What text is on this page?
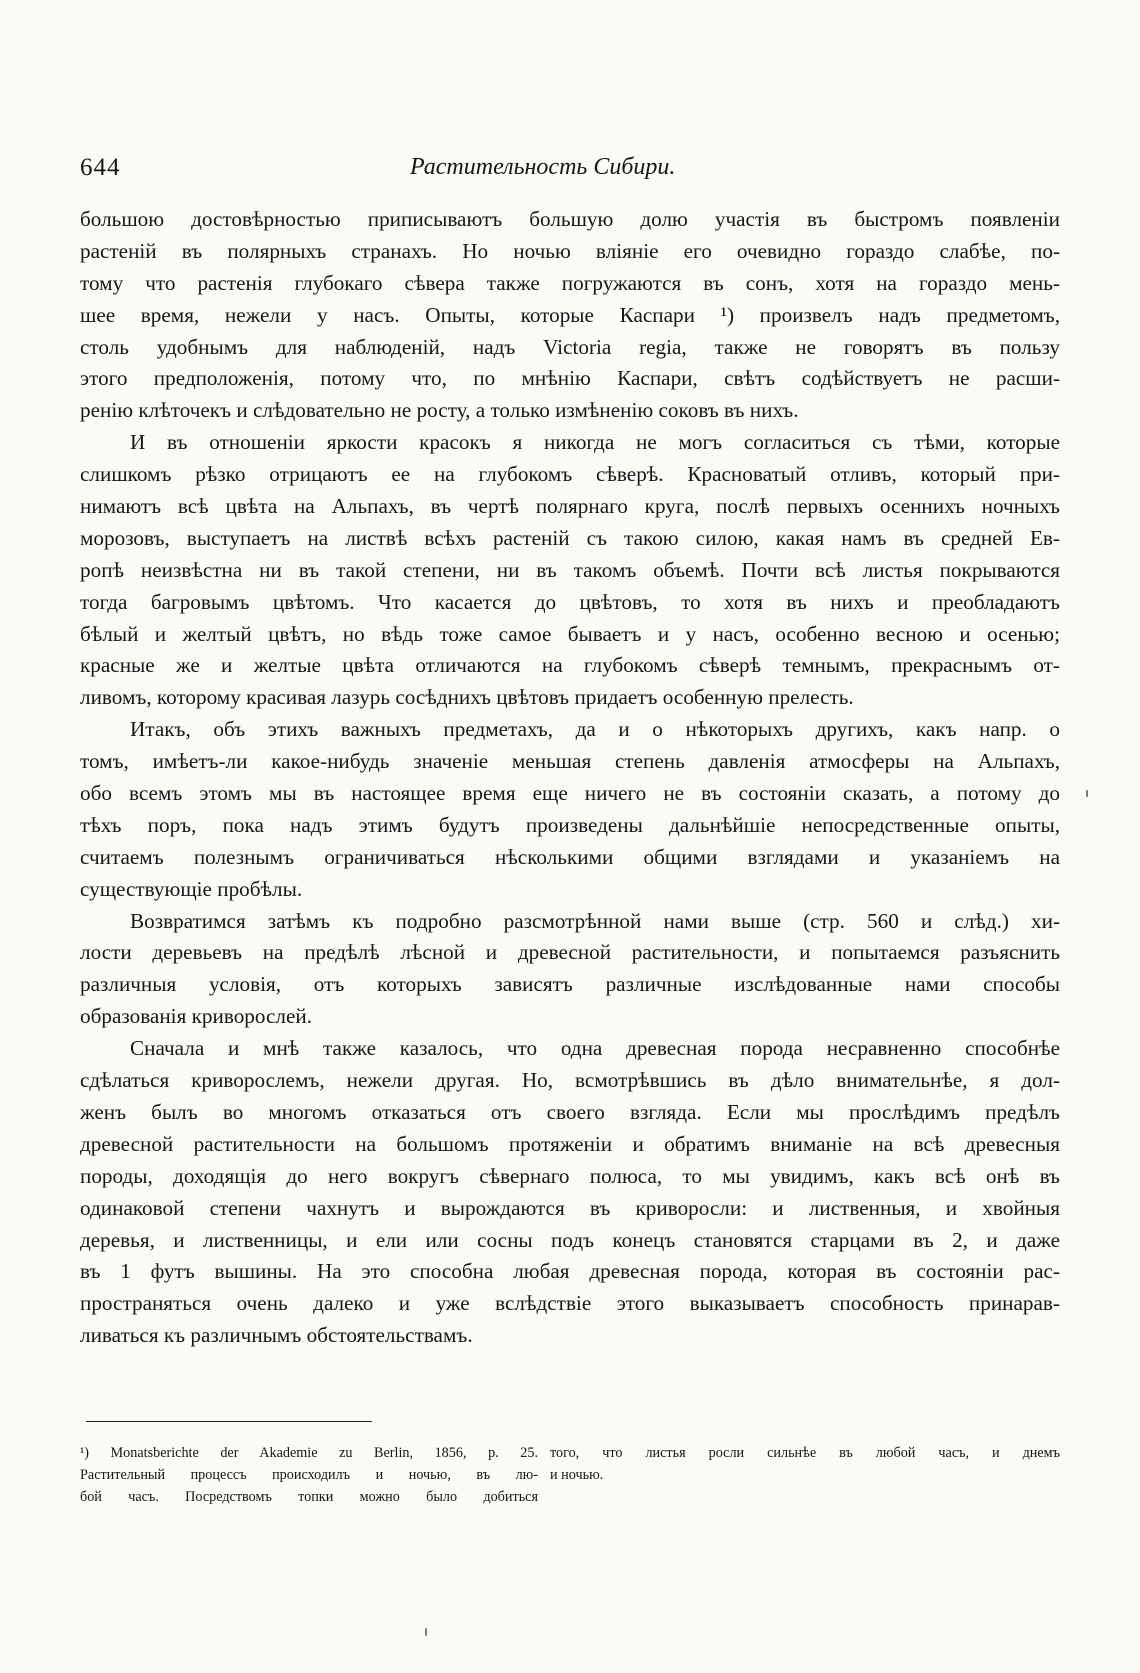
644	Растительность Сибири.
большою достовѣрностью приписываютъ большую долю участія въ быстромъ появленіи
растеній въ полярныхъ странахъ. Но ночью вліяніе его очевидно гораздо слабѣе, по-
тому что растенія глубокаго сѣвера также погружаются въ сонъ, хотя на гораздо мень-
шее время, нежели у насъ. Опыты, которые Каспари ¹) произвелъ надъ предметомъ,
столь удобнымъ для наблюденій, надъ Victoria regia, также не говорятъ въ пользу
этого предположенія, потому что, по мнѣнію Каспари, свѣтъ содѣйствуетъ не расши-
ренію клѣточекъ и слѣдовательно не росту, а только измѣненію соковъ въ нихъ.
И въ отношеніи яркости красокъ я никогда не могъ согласиться съ тѣми, которые
слишкомъ рѣзко отрицаютъ ее на глубокомъ сѣверѣ. Красноватый отливъ, который при-
нимаютъ всѣ цвѣта на Альпахъ, въ чертѣ полярнаго круга, послѣ первыхъ осеннихъ ночныхъ
морозовъ, выступаетъ на листвѣ всѣхъ растеній съ такою силою, какая намъ въ средней Ев-
ропѣ неизвѣстна ни въ такой степени, ни въ такомъ объемѣ. Почти всѣ листья покрываются
тогда багровымъ цвѣтомъ. Что касается до цвѣтовъ, то хотя въ нихъ и преобладаютъ
бѣлый и желтый цвѣтъ, но вѣдь тоже самое бываетъ и у насъ, особенно весною и осенью;
красные же и желтые цвѣта отличаются на глубокомъ сѣверѣ темнымъ, прекраснымъ от-
ливомъ, которому красивая лазурь сосѣднихъ цвѣтовъ придаетъ особенную прелесть.
Итакъ, объ этихъ важныхъ предметахъ, да и о нѣкоторыхъ другихъ, какъ напр. о
томъ, имѣетъ-ли какое-нибудь значеніе меньшая степень давленія атмосферы на Альпахъ,
обо всемъ этомъ мы въ настоящее время еще ничего не въ состояніи сказать, а потому до
тѣхъ поръ, пока надъ этимъ будутъ произведены дальнѣйшіе непосредственные опыты,
считаемъ полезнымъ ограничиваться нѣсколькими общими взглядами и указаніемъ на
существующіе пробѣлы.
Возвратимся затѣмъ къ подробно разсмотрѣнной нами выше (стр. 560 и слѣд.) хи-
лости деревьевъ на предѣлѣ лѣсной и древесной растительности, и попытаемся разъяснить
различныя условія, отъ которыхъ зависятъ различные изслѣдованные нами способы
образованія криворослей.
Сначала и мнѣ также казалось, что одна древесная порода несравненно способнѣе
сдѣлаться криворослемъ, нежели другая. Но, всмотрѣвшись въ дѣло внимательнѣе, я дол-
женъ былъ во многомъ отказаться отъ своего взгляда. Если мы прослѣдимъ предѣлъ
древесной растительности на большомъ протяженіи и обратимъ вниманіе на всѣ древесныя
породы, доходящія до него вокругъ сѣвернаго полюса, то мы увидимъ, какъ всѣ онѣ въ
одинаковой степени чахнутъ и вырождаются въ криворосли: и лиственныя, и хвойныя
деревья, и лиственницы, и ели или сосны подъ конецъ становятся старцами въ 2, и даже
въ 1 футъ вышины. На это способна любая древесная порода, которая въ состояніи рас-
пространяться очень далеко и уже вслѣдствіе этого выказываетъ способность принарав-
ливаться къ различнымъ обстоятельствамъ.
¹) Monatsberichte der Akademie zu Berlin, 1856, p. 25.
Растительный процессъ происходилъ и ночью, въ лю-
бой часъ. Посредствомъ топки можно было добиться
того, что листья росли сильнѣе въ любой часъ, и днемъ
и ночью.
